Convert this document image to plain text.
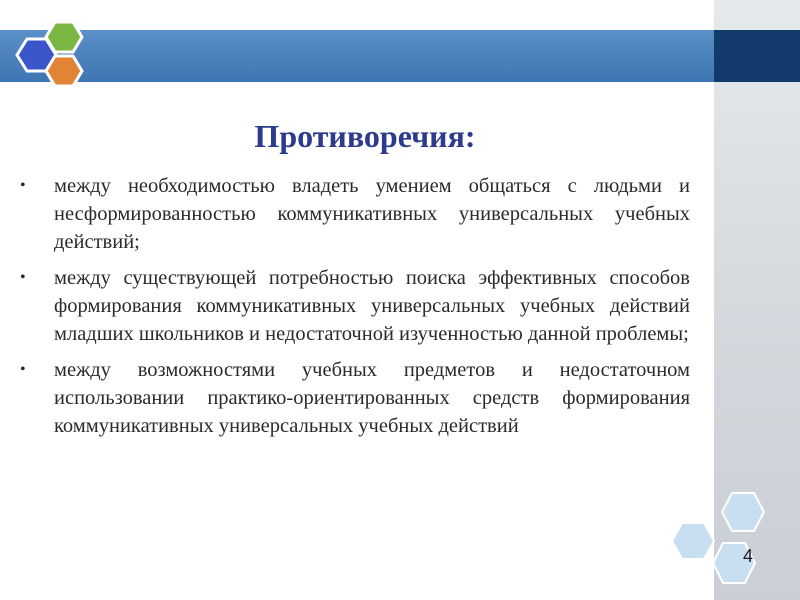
Противоречия:
• между необходимостью владеть умением общаться с людьми и несформированностью коммуникативных универсальных учебных действий;
• между существующей потребностью поиска эффективных способов формирования коммуникативных универсальных учебных действий младших школьников и недостаточной изученностью данной проблемы;
• между возможностями учебных предметов и недостаточном использовании практико-ориентированных средств формирования коммуникативных универсальных учебных действий
4
